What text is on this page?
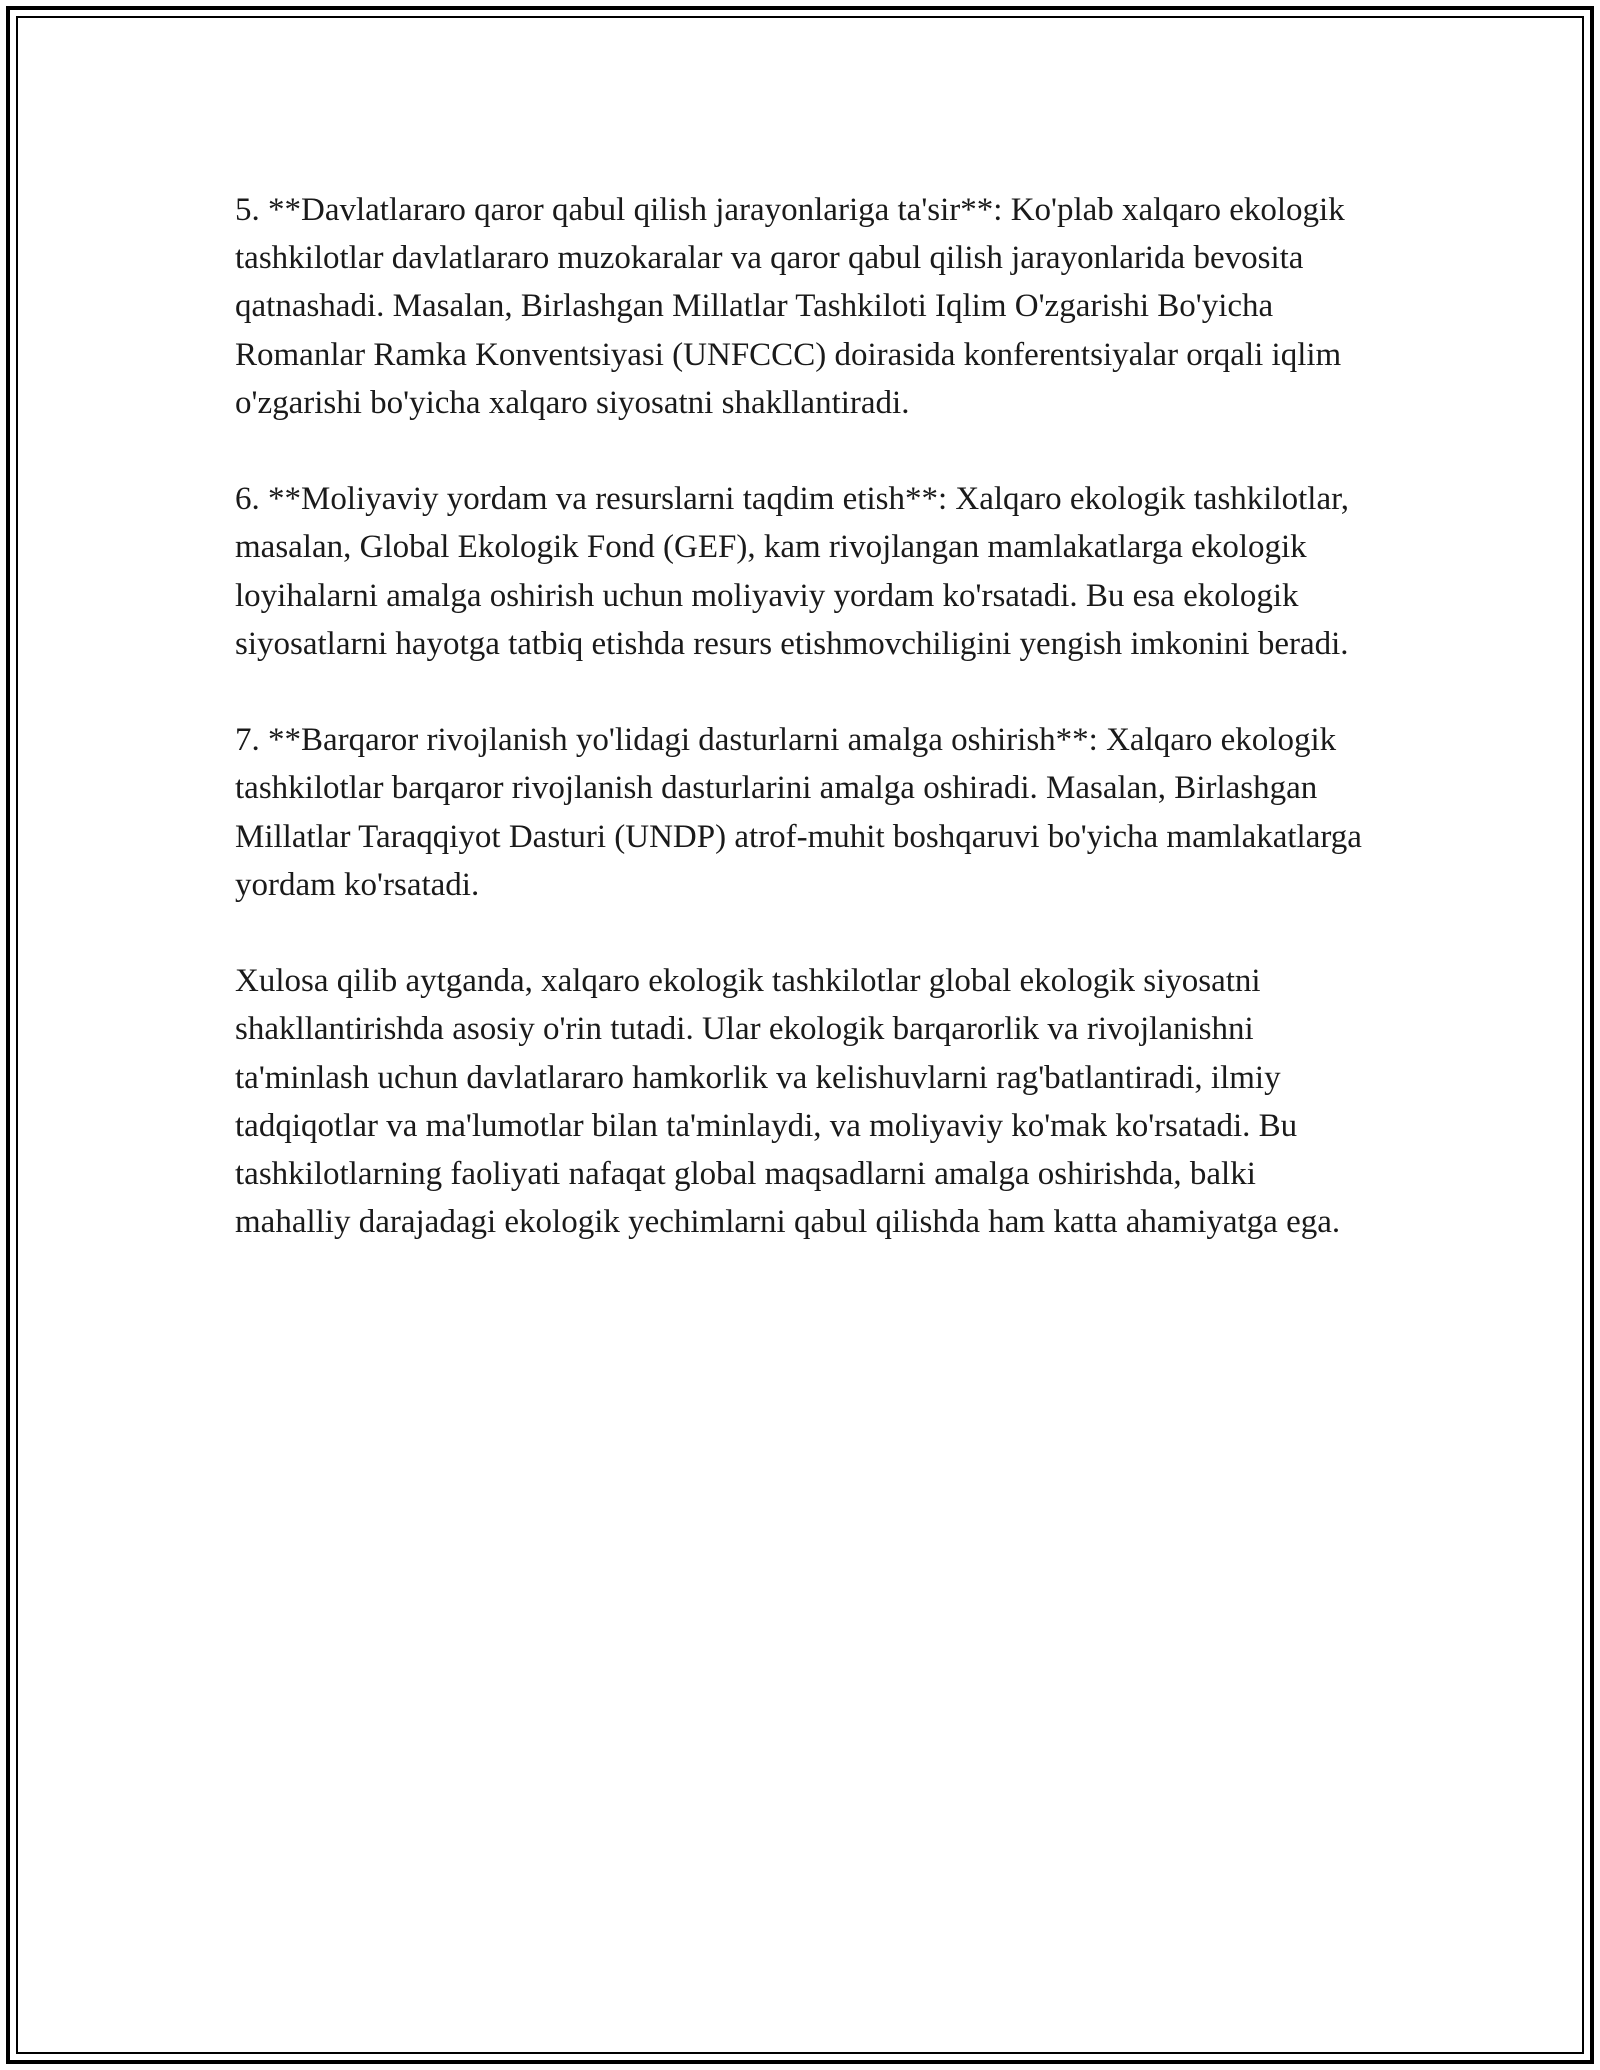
5. **Davlatlararo qaror qabul qilish jarayonlariga ta'sir**: Ko'plab xalqaro ekologik tashkilotlar davlatlararo muzokaralar va qaror qabul qilish jarayonlarida bevosita qatnashadi. Masalan, Birlashgan Millatlar Tashkiloti Iqlim O'zgarishi Bo'yicha Romanlar Ramka Konventsiyasi (UNFCCC) doirasida konferentsiyalar orqali iqlim o'zgarishi bo'yicha xalqaro siyosatni shakllantiradi.

6. **Moliyaviy yordam va resurslarni taqdim etish**: Xalqaro ekologik tashkilotlar, masalan, Global Ekologik Fond (GEF), kam rivojlangan mamlakatlarga ekologik loyihalarni amalga oshirish uchun moliyaviy yordam ko'rsatadi. Bu esa ekologik siyosatlarni hayotga tatbiq etishda resurs etishmovchiligini yengish imkonini beradi.

7. **Barqaror rivojlanish yo'lidagi dasturlarni amalga oshirish**: Xalqaro ekologik tashkilotlar barqaror rivojlanish dasturlarini amalga oshiradi. Masalan, Birlashgan Millatlar Taraqqiyot Dasturi (UNDP) atrof-muhit boshqaruvi bo'yicha mamlakatlarga yordam ko'rsatadi.

Xulosa qilib aytganda, xalqaro ekologik tashkilotlar global ekologik siyosatni shakllantirishda asosiy o'rin tutadi. Ular ekologik barqarorlik va rivojlanishni ta'minlash uchun davlatlararo hamkorlik va kelishuvlarni rag'batlantiradi, ilmiy tadqiqotlar va ma'lumotlar bilan ta'minlaydi, va moliyaviy ko'mak ko'rsatadi. Bu tashkilotlarning faoliyati nafaqat global maqsadlarni amalga oshirishda, balki mahalliy darajadagi ekologik yechimlarni qabul qilishda ham katta ahamiyatga ega.
